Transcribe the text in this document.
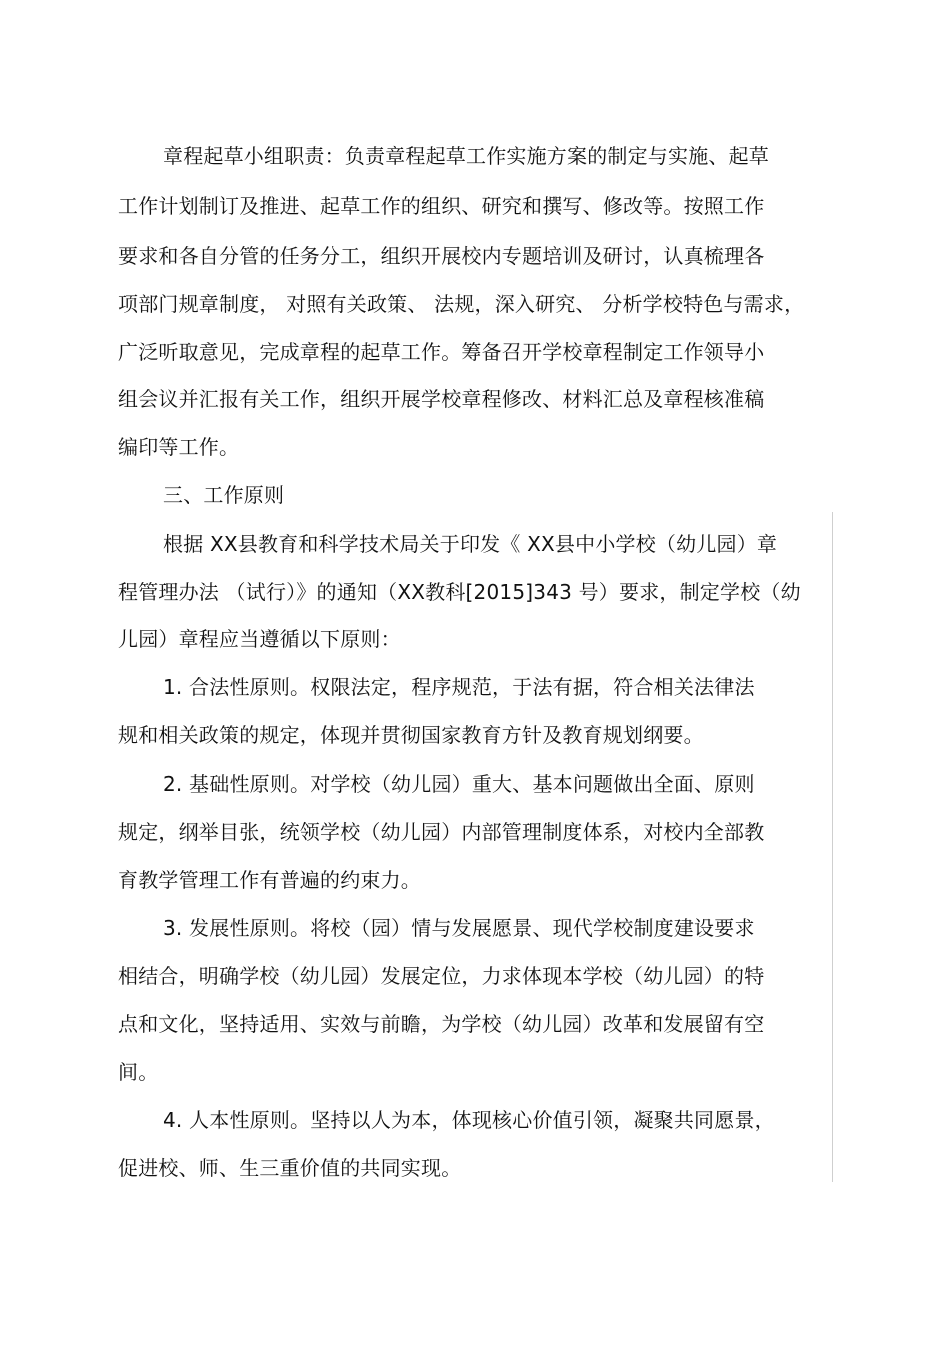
章程起草小组职责：负责章程起草工作实施方案的制定与实施、起草

工作计划制订及推进、起草工作的组织、研究和撰写、修改等。按照工作

要求和各自分管的任务分工，组织开展校内专题培训及研讨，认真梳理各

项部门规章制度， 对照有关政策、 法规，深入研究、 分析学校特色与需求，

广泛听取意见，完成章程的起草工作。筹备召开学校章程制定工作领导小

组会议并汇报有关工作，组织开展学校章程修改、材料汇总及章程核准稿

编印等工作。

三、工作原则

根据 XX县教育和科学技术局关于印发《 XX县中小学校（幼儿园）章

程管理办法 （试行）》的通知（XX教科[2015]343 号）要求，制定学校（幼

儿园）章程应当遵循以下原则：

1. 合法性原则。权限法定，程序规范，于法有据，符合相关法律法

规和相关政策的规定，体现并贯彻国家教育方针及教育规划纲要。

2. 基础性原则。对学校（幼儿园）重大、基本问题做出全面、原则

规定，纲举目张，统领学校（幼儿园）内部管理制度体系，对校内全部教

育教学管理工作有普遍的约束力。

3. 发展性原则。将校（园）情与发展愿景、现代学校制度建设要求

相结合，明确学校（幼儿园）发展定位，力求体现本学校（幼儿园）的特

点和文化，坚持适用、实效与前瞻，为学校（幼儿园）改革和发展留有空

间。

4. 人本性原则。坚持以人为本，体现核心价值引领，凝聚共同愿景，

促进校、师、生三重价值的共同实现。
